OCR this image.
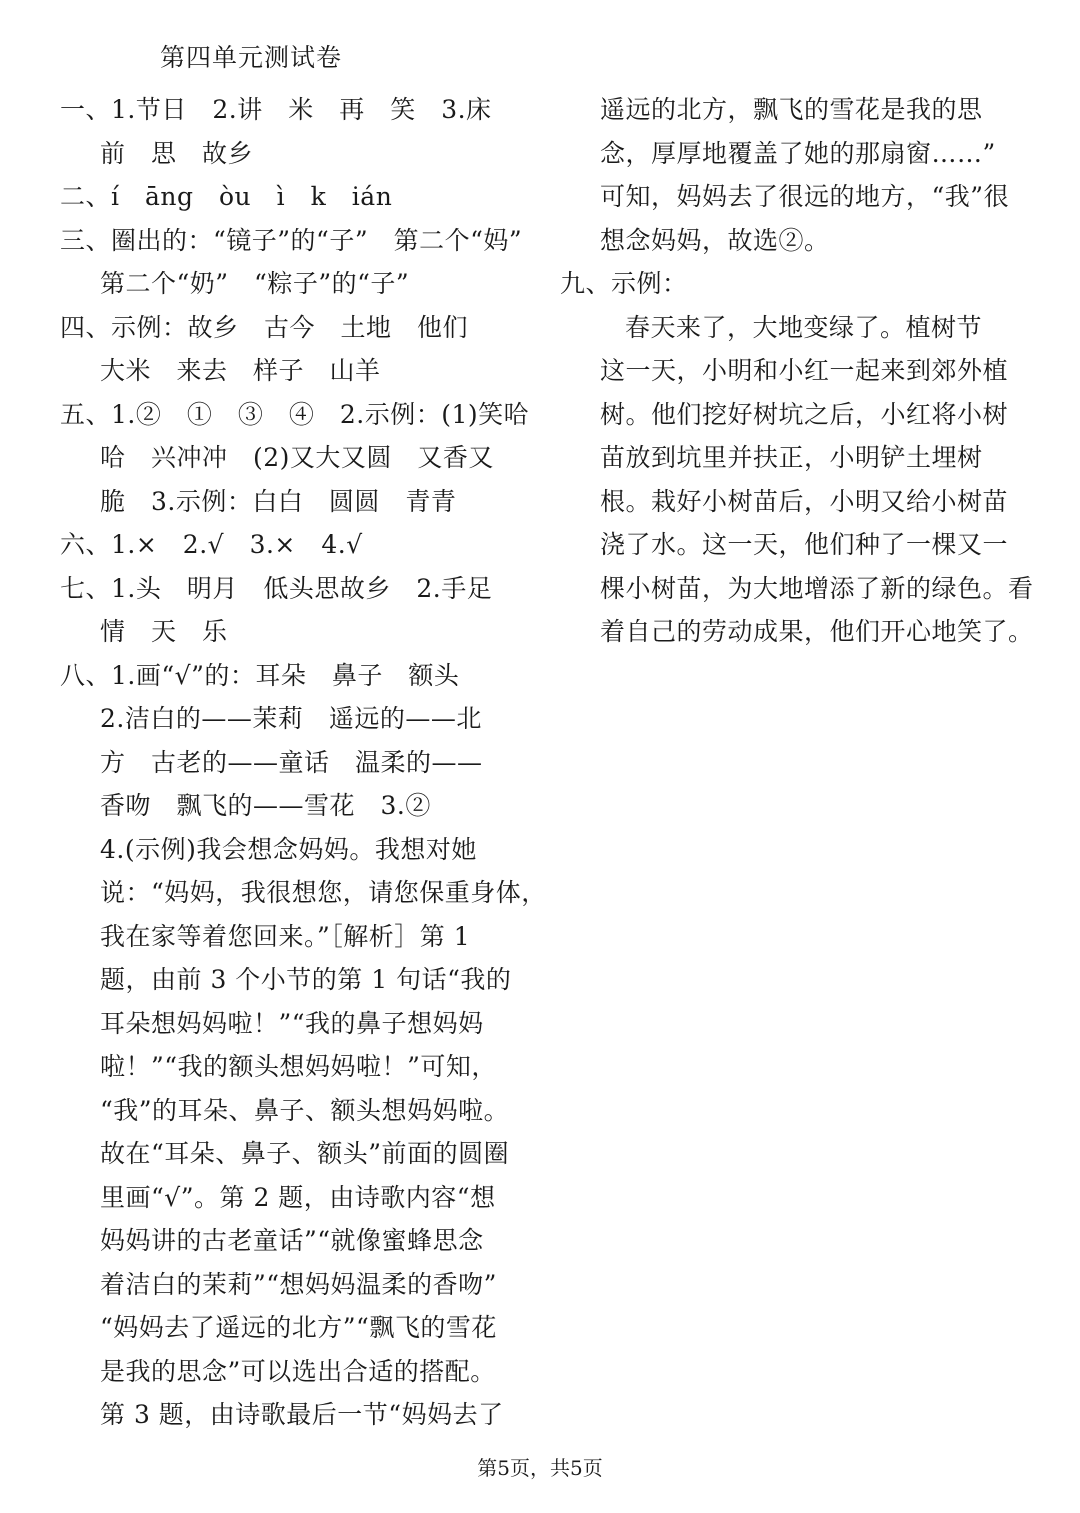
第四单元测试卷
一、1.节日　2.讲　米　再　笑　3.床
前　思　故乡
二、í　āng　òu　ì　k　ián
三、圈出的：“镜子”的“子”　第二个“妈”
第二个“奶”　“粽子”的“子”
四、示例：故乡　古今　土地　他们
大米　来去　样子　山羊
五、1.②　①　③　④　2.示例：(1)笑哈
哈　兴冲冲　(2)又大又圆　又香又
脆　3.示例：白白　圆圆　青青
六、1.×　2.√　3.×　4.√
七、1.头　明月　低头思故乡　2.手足
情　天　乐
八、1.画“√”的：耳朵　鼻子　额头
2.洁白的——茉莉　遥远的——北
方　古老的——童话　温柔的——
香吻　飘飞的——雪花　3.②
4.(示例)我会想念妈妈。我想对她
说：“妈妈，我很想您，请您保重身体，
我在家等着您回来。”［解析］第 1
题，由前 3 个小节的第 1 句话“我的
耳朵想妈妈啦！”“我的鼻子想妈妈
啦！”“我的额头想妈妈啦！”可知，
“我”的耳朵、鼻子、额头想妈妈啦。
故在“耳朵、鼻子、额头”前面的圆圈
里画“√”。第 2 题，由诗歌内容“想
妈妈讲的古老童话”“就像蜜蜂思念
着洁白的茉莉”“想妈妈温柔的香吻”
“妈妈去了遥远的北方”“飘飞的雪花
是我的思念”可以选出合适的搭配。
第 3 题，由诗歌最后一节“妈妈去了
遥远的北方，飘飞的雪花是我的思
念，厚厚地覆盖了她的那扇窗……”
可知，妈妈去了很远的地方，“我”很
想念妈妈，故选②。
九、示例：
春天来了，大地变绿了。植树节
这一天，小明和小红一起来到郊外植
树。他们挖好树坑之后，小红将小树
苗放到坑里并扶正，小明铲土埋树
根。栽好小树苗后，小明又给小树苗
浇了水。这一天，他们种了一棵又一
棵小树苗，为大地增添了新的绿色。看
着自己的劳动成果，他们开心地笑了。

第5页，共5页
